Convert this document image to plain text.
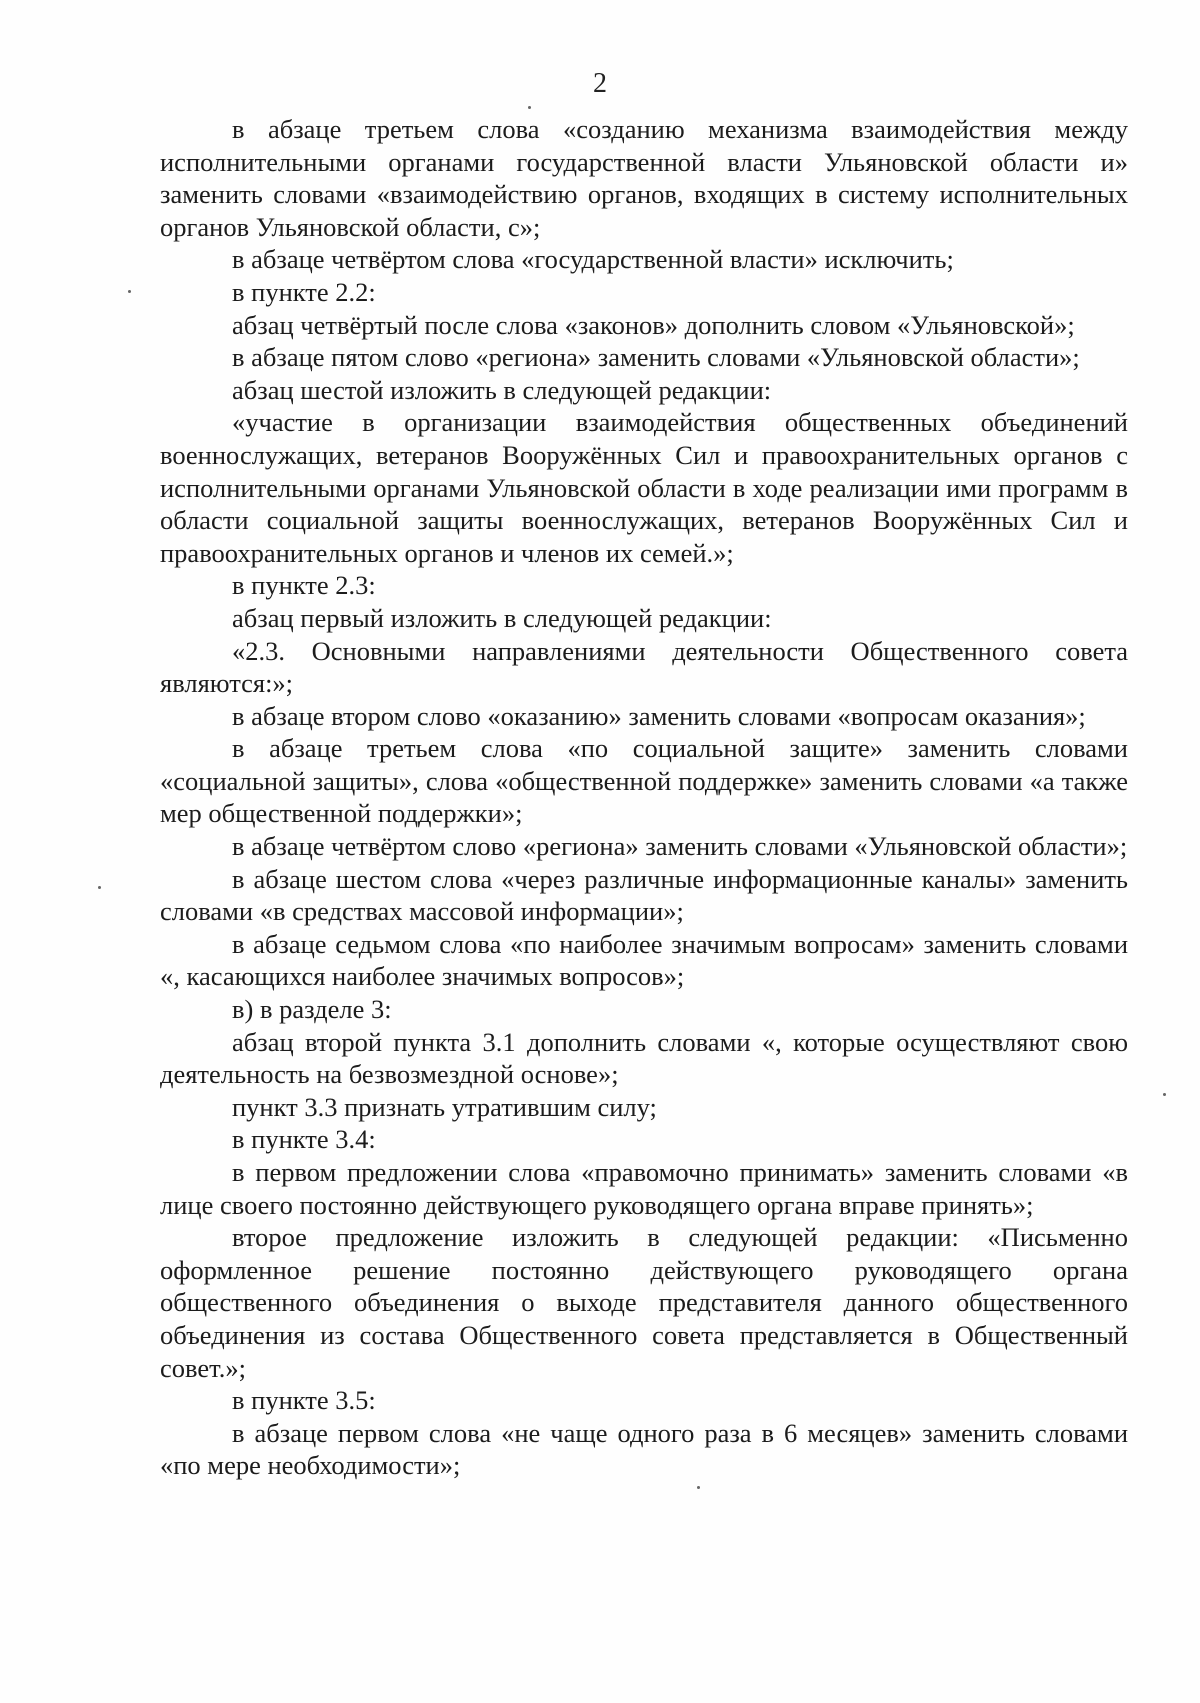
2

в абзаце третьем слова «созданию механизма взаимодействия между исполнительными органами государственной власти Ульяновской области и» заменить словами «взаимодействию органов, входящих в систему исполнительных органов Ульяновской области, с»;

в абзаце четвёртом слова «государственной власти» исключить;

в пункте 2.2:

абзац четвёртый после слова «законов» дополнить словом «Ульяновской»;

в абзаце пятом слово «региона» заменить словами «Ульяновской области»;

абзац шестой изложить в следующей редакции:

«участие в организации взаимодействия общественных объединений военнослужащих, ветеранов Вооружённых Сил и правоохранительных органов с исполнительными органами Ульяновской области в ходе реализации ими программ в области социальной защиты военнослужащих, ветеранов Вооружённых Сил и правоохранительных органов и членов их семей.»;

в пункте 2.3:

абзац первый изложить в следующей редакции:

«2.3. Основными направлениями деятельности Общественного совета являются:»;

в абзаце втором слово «оказанию» заменить словами «вопросам оказания»;

в абзаце третьем слова «по социальной защите» заменить словами «социальной защиты», слова «общественной поддержке» заменить словами «а также мер общественной поддержки»;

в абзаце четвёртом слово «региона» заменить словами «Ульяновской области»;

в абзаце шестом слова «через различные информационные каналы» заменить словами «в средствах массовой информации»;

в абзаце седьмом слова «по наиболее значимым вопросам» заменить словами «, касающихся наиболее значимых вопросов»;

в) в разделе 3:

абзац второй пункта 3.1 дополнить словами «, которые осуществляют свою деятельность на безвозмездной основе»;

пункт 3.3 признать утратившим силу;

в пункте 3.4:

в первом предложении слова «правомочно принимать» заменить словами «в лице своего постоянно действующего руководящего органа вправе принять»;

второе предложение изложить в следующей редакции: «Письменно оформленное решение постоянно действующего руководящего органа общественного объединения о выходе представителя данного общественного объединения из состава Общественного совета представляется в Общественный совет.»;

в пункте 3.5:

в абзаце первом слова «не чаще одного раза в 6 месяцев» заменить словами «по мере необходимости»;
